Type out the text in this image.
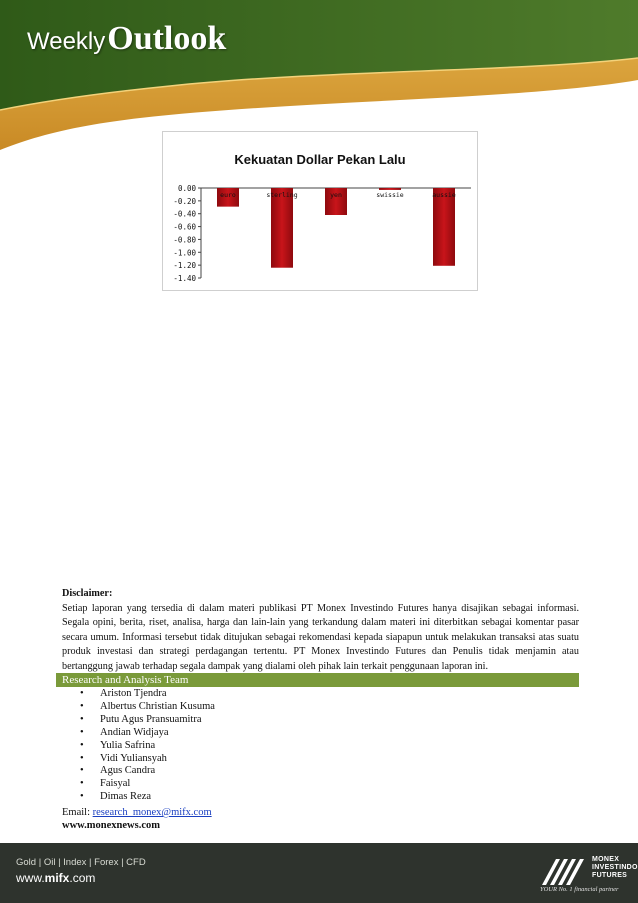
WeeklyOutlook
Kekuatan Dollar Pekan Lalu
0.00
-0.20
-0.40
-0.60
-0.80
-1.00
-1.20
-1.40
euro	sterling	yen	swissie	aussie
Disclaimer:
Setiap laporan yang tersedia di dalam materi publikasi PT Monex Investindo Futures hanya disajikan sebagai informasi. Segala opini, berita, riset, analisa, harga dan lain-lain yang terkandung dalam materi ini diterbitkan sebagai komentar pasar secara umum. Informasi tersebut tidak ditujukan sebagai rekomendasi kepada siapapun untuk melakukan transaksi atas suatu produk investasi dan strategi perdagangan tertentu. PT Monex Investindo Futures dan Penulis tidak menjamin atau bertanggung jawab terhadap segala dampak yang dialami oleh pihak lain terkait penggunaan laporan ini.
Research and Analysis Team
• Ariston Tjendra
• Albertus Christian Kusuma
• Putu Agus Pransuamitra
• Andian Widjaya
• Yulia Safrina
• Vidi Yuliansyah
• Agus Candra
• Faisyal
• Dimas Reza
Email: research_monex@mifx.com
www.monexnews.com
Gold | Oil | Index | Forex | CFD
www.mifx.com
MONEX
INVESTINDO
FUTURES
YOUR No. 1 financial partner
